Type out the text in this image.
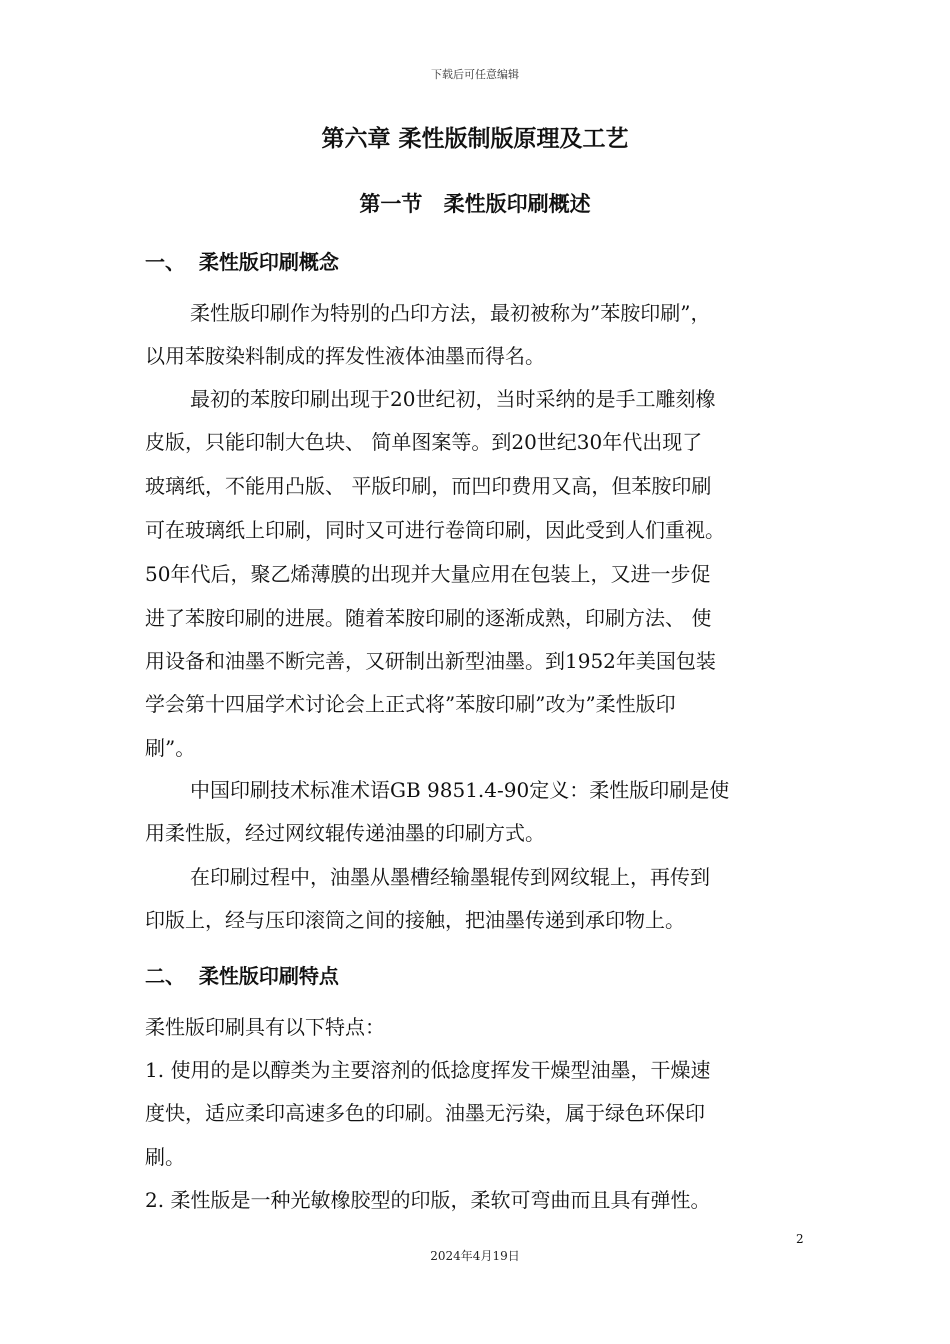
下载后可任意编辑
第六章 柔性版制版原理及工艺
第一节 柔性版印刷概述
一、  柔性版印刷概念
柔性版印刷作为特别的凸印方法，最初被称为”苯胺印刷”，
以用苯胺染料制成的挥发性液体油墨而得名。
最初的苯胺印刷出现于20世纪初，当时采纳的是手工雕刻橡
皮版，只能印制大色块、 简单图案等。到20世纪30年代出现了
玻璃纸，不能用凸版、 平版印刷，而凹印费用又高，但苯胺印刷
可在玻璃纸上印刷，同时又可进行卷筒印刷，因此受到人们重视。
50年代后，聚乙烯薄膜的出现并大量应用在包装上，又进一步促
进了苯胺印刷的进展。随着苯胺印刷的逐渐成熟，印刷方法、 使
用设备和油墨不断完善，又研制出新型油墨。到1952年美国包装
学会第十四届学术讨论会上正式将”苯胺印刷”改为”柔性版印
刷”。
中国印刷技术标准术语GB 9851.4-90定义：柔性版印刷是使
用柔性版，经过网纹辊传递油墨的印刷方式。
在印刷过程中，油墨从墨槽经输墨辊传到网纹辊上，再传到
印版上，经与压印滚筒之间的接触，把油墨传递到承印物上。
二、  柔性版印刷特点
柔性版印刷具有以下特点：
1. 使用的是以醇类为主要溶剂的低捻度挥发干燥型油墨，干燥速
度快，适应柔印高速多色的印刷。油墨无污染，属于绿色环保印
刷。
2. 柔性版是一种光敏橡胶型的印版，柔软可弯曲而且具有弹性。
2
2024年4月19日
